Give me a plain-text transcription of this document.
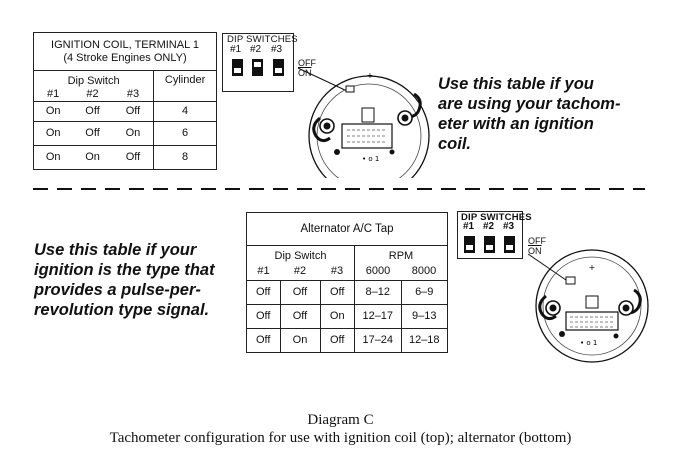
IGNITION COIL, TERMINAL 1
(4 Stroke Engines ONLY)			
Dip Switch			Cylinder
#1	#2	#3	
On	Off	Off	4
On	Off	On	6
On	On	Off	8
DIP SWITCHES
#1 #2 #3
OFF
$\overline{ON}$	+
• o 1
Use this table if you
are using your tachom-
eter with an ignition
coil.
Alternator A/C Tap				
Dip Switch			RPM	
#1	#2	#3	6000	8000
Off	Off	Off	8–12	6–9
Off	Off	On	12–17	9–13
Off	On	Off	17–24	12–18
Use this table if your
ignition is the type that
provides a pulse-per-
revolution type signal.
DIP SWITCHES
#1 #2 #3
OFF
$\overline{ON}$
+
• o 1
Diagram C
Tachometer configuration for use with ignition coil (top); alternator (bottom)
